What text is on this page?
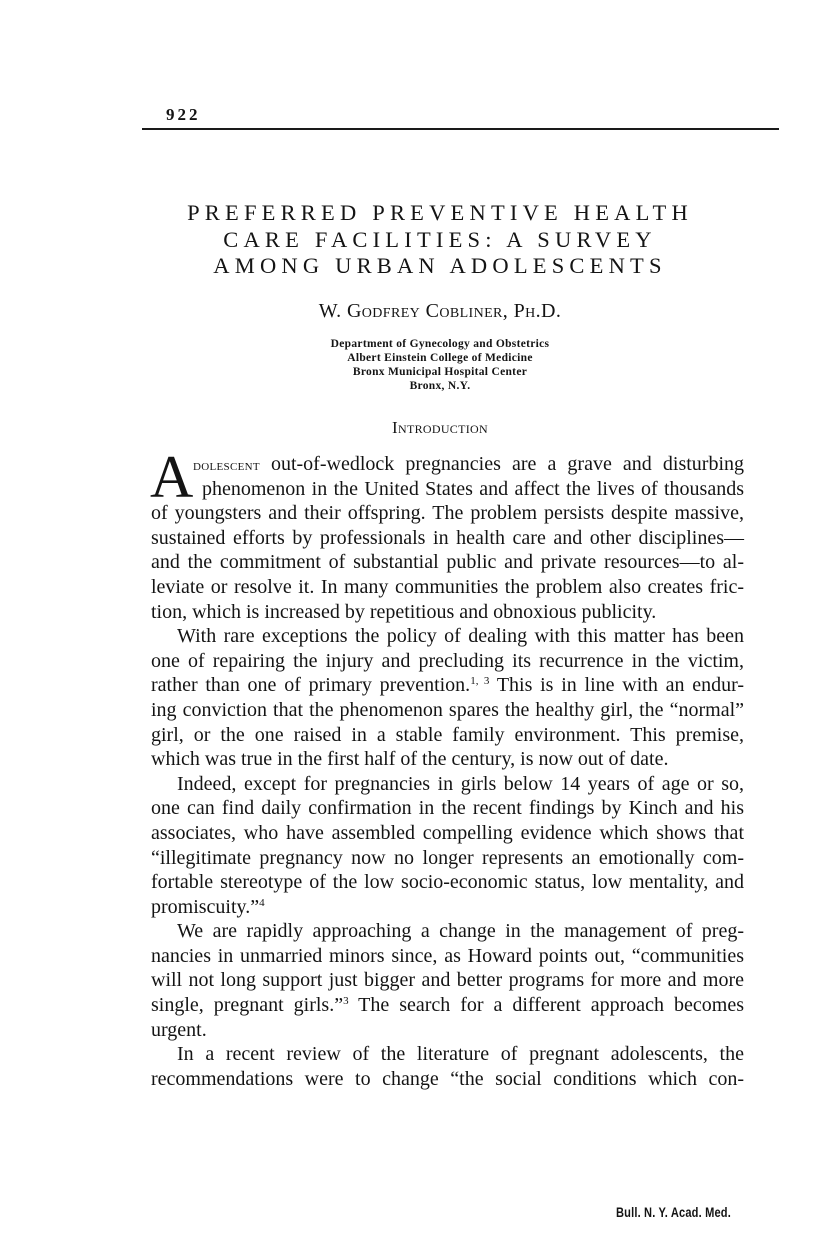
922
PREFERRED PREVENTIVE HEALTH
CARE FACILITIES: A SURVEY
AMONG URBAN ADOLESCENTS
W. Godfrey Cobliner, Ph.D.
Department of Gynecology and Obstetrics
Albert Einstein College of Medicine
Bronx Municipal Hospital Center
Bronx, N.Y.
Introduction
A dolescent out-of-wedlock pregnancies are a grave and disturbing
phenomenon in the United States and affect the lives of thousands
of youngsters and their offspring. The problem persists despite massive,
sustained efforts by professionals in health care and other disciplines—
and the commitment of substantial public and private resources—to al-
leviate or resolve it. In many communities the problem also creates fric-
tion, which is increased by repetitious and obnoxious publicity.
With rare exceptions the policy of dealing with this matter has been
one of repairing the injury and precluding its recurrence in the victim,
rather than one of primary prevention.$^{1, 3}$ This is in line with an endur-
ing conviction that the phenomenon spares the healthy girl, the “normal”
girl, or the one raised in a stable family environment. This premise,
which was true in the first half of the century, is now out of date.
Indeed, except for pregnancies in girls below 14 years of age or so,
one can find daily confirmation in the recent findings by Kinch and his
associates, who have assembled compelling evidence which shows that
“illegitimate pregnancy now no longer represents an emotionally com-
fortable stereotype of the low socio-economic status, low mentality, and
promiscuity.”$^4$
We are rapidly approaching a change in the management of preg-
nancies in unmarried minors since, as Howard points out, “communities
will not long support just bigger and better programs for more and more
single, pregnant girls.”$^3$ The search for a different approach becomes
urgent.
In a recent review of the literature of pregnant adolescents, the
recommendations were to change “the social conditions which con-
Bull. N. Y. Acad. Med.
